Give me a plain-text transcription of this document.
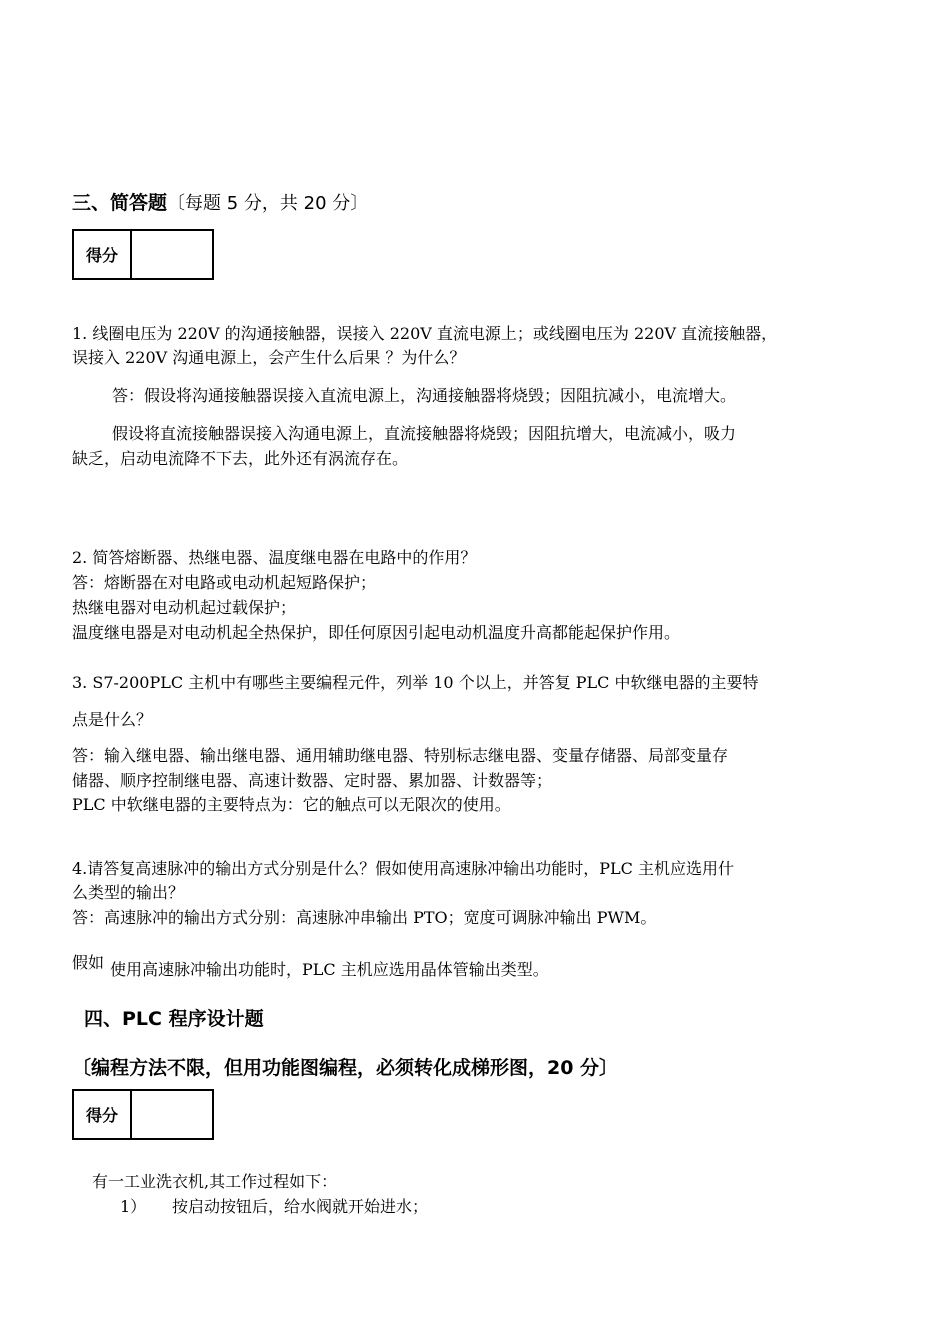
三、简答题〔每题 5 分，共 20 分〕
得分
1. 线圈电压为 220V 的沟通接触器，误接入 220V 直流电源上；或线圈电压为 220V 直流接触器，
误接入 220V 沟通电源上，会产生什么后果 ？为什么？
答：假设将沟通接触器误接入直流电源上，沟通接触器将烧毁；因阻抗减小，电流增大。
假设将直流接触器误接入沟通电源上，直流接触器将烧毁；因阻抗增大，电流减小，吸力
缺乏，启动电流降不下去，此外还有涡流存在。
2. 简答熔断器、热继电器、温度继电器在电路中的作用？
答：熔断器在对电路或电动机起短路保护；
热继电器对电动机起过载保护；
温度继电器是对电动机起全热保护，即任何原因引起电动机温度升高都能起保护作用。
3. S7-200PLC 主机中有哪些主要编程元件，列举 10 个以上，并答复 PLC 中软继电器的主要特
点是什么？
答：输入继电器、输出继电器、通用辅助继电器、特别标志继电器、变量存储器、局部变量存
储器、顺序控制继电器、高速计数器、定时器、累加器、计数器等；
PLC 中软继电器的主要特点为：它的触点可以无限次的使用。
4.请答复高速脉冲的输出方式分别是什么？假如使用高速脉冲输出功能时，PLC 主机应选用什
么类型的输出？
答：高速脉冲的输出方式分别：高速脉冲串输出 PTO；宽度可调脉冲输出 PWM。
假如 使用高速脉冲输出功能时，PLC 主机应选用晶体管输出类型。
四、PLC 程序设计题
〔编程方法不限，但用功能图编程，必须转化成梯形图，20 分〕
得分
有一工业洗衣机,其工作过程如下：
1） 按启动按钮后，给水阀就开始进水；
